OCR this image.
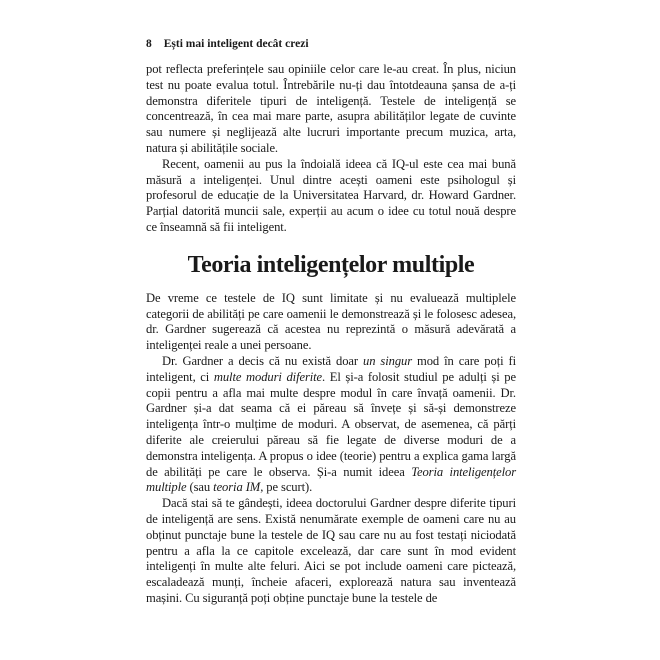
8 Ești mai inteligent decât crezi

pot reflecta preferințele sau opiniile celor care le-au creat. În plus, niciun test nu poate evalua totul. Întrebările nu-ți dau întotdeauna șansa de a-ți demonstra diferitele tipuri de inteligență. Testele de inteligență se concentrează, în cea mai mare parte, asupra abilităților legate de cuvinte sau numere și neglijează alte lucruri importante precum muzica, arta, natura și abilitățile sociale.

Recent, oamenii au pus la îndoială ideea că IQ-ul este cea mai bună măsură a inteligenței. Unul dintre acești oameni este psihologul și profesorul de educație de la Universitatea Harvard, dr. Howard Gardner. Parțial datorită muncii sale, experții au acum o idee cu totul nouă despre ce înseamnă să fii inteligent.

Teoria inteligențelor multiple

De vreme ce testele de IQ sunt limitate și nu evaluează multiplele categorii de abilități pe care oamenii le demonstrează și le folosesc adesea, dr. Gardner sugerează că acestea nu reprezintă o măsură adevărată a inteligenței reale a unei persoane.

Dr. Gardner a decis că nu există doar un singur mod în care poți fi inteligent, ci multe moduri diferite. El și-a folosit studiul pe adulți și pe copii pentru a afla mai multe despre modul în care învață oamenii. Dr. Gardner și-a dat seama că ei păreau să învețe și să-și demonstreze inteligența într-o mulțime de moduri. A observat, de asemenea, că părți diferite ale creierului păreau să fie legate de diverse moduri de a demonstra inteligența. A propus o idee (teorie) pentru a explica gama largă de abilități pe care le observa. Și-a numit ideea Teoria inteligențelor multiple (sau teoria IM, pe scurt).

Dacă stai să te gândești, ideea doctorului Gardner despre diferite tipuri de inteligență are sens. Există nenumărate exemple de oameni care nu au obținut punctaje bune la testele de IQ sau care nu au fost testați niciodată pentru a afla la ce capitole excelează, dar care sunt în mod evident inteligenți în multe alte feluri. Aici se pot include oameni care pictează, escaladează munți, încheie afaceri, explorează natura sau inventează mașini. Cu siguranță poți obține punctaje bune la testele de
